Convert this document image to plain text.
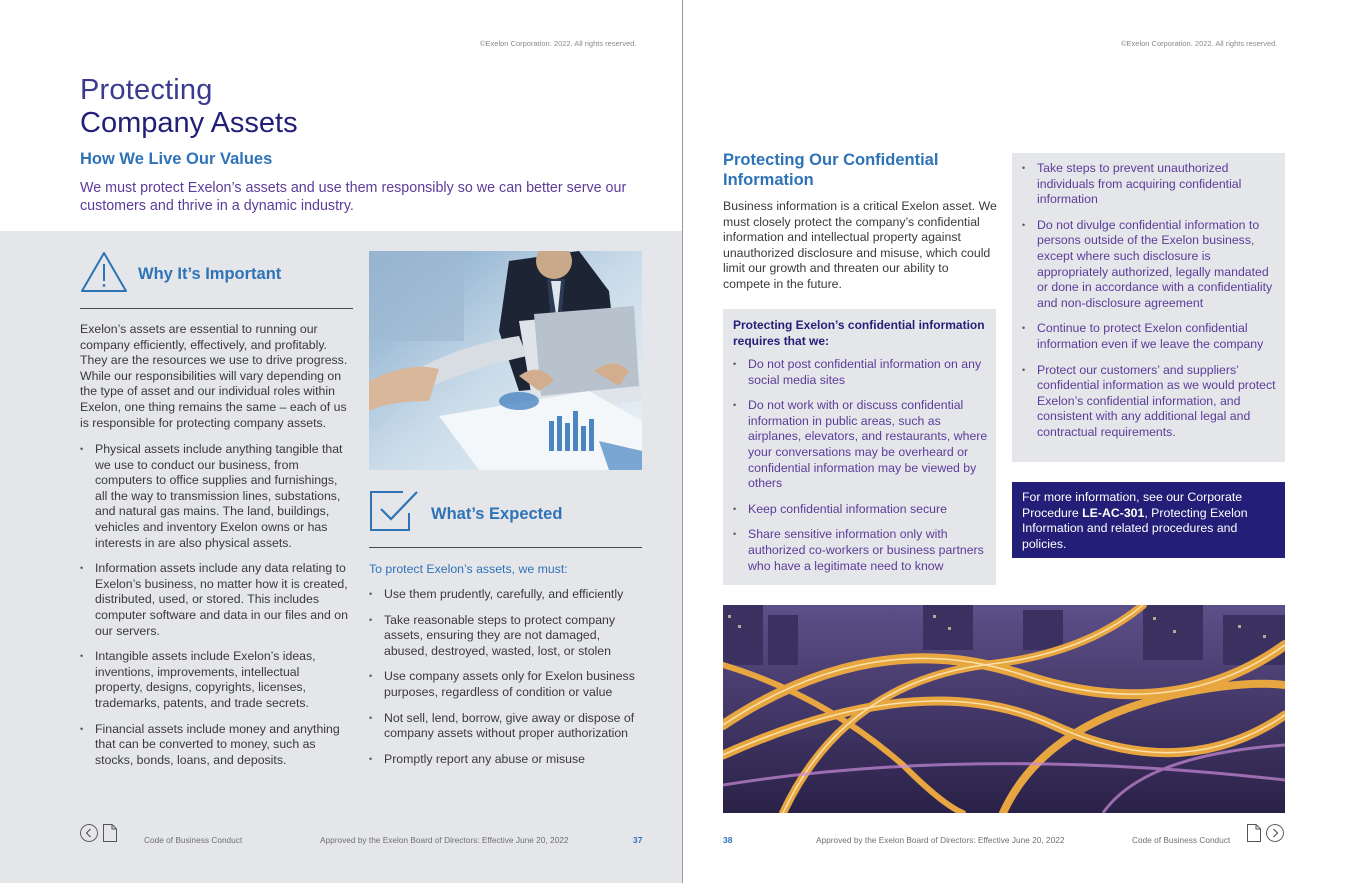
©Exelon Corporation. 2022. All rights reserved.
Protecting
Company Assets
How We Live Our Values
We must protect Exelon’s assets and use them responsibly so we can better serve our customers and thrive in a dynamic industry.
Why It’s Important
Exelon’s assets are essential to running our company efficiently, effectively, and profitably. They are the resources we use to drive progress. While our responsibilities will vary depending on the type of asset and our individual roles within Exelon, one thing remains the same – each of us is responsible for protecting company assets.
• Physical assets include anything tangible that we use to conduct our business, from computers to office supplies and furnishings, all the way to transmission lines, substations, and natural gas mains. The land, buildings, vehicles and inventory Exelon owns or has interests in are also physical assets.
• Information assets include any data relating to Exelon’s business, no matter how it is created, distributed, used, or stored. This includes computer software and data in our files and on our servers.
• Intangible assets include Exelon’s ideas, inventions, improvements, intellectual property, designs, copyrights, licenses, trademarks, patents, and trade secrets.
• Financial assets include money and anything that can be converted to money, such as stocks, bonds, loans, and deposits.
What’s Expected
To protect Exelon’s assets, we must:
• Use them prudently, carefully, and efficiently
• Take reasonable steps to protect company assets, ensuring they are not damaged, abused, destroyed, wasted, lost, or stolen
• Use company assets only for Exelon business purposes, regardless of condition or value
• Not sell, lend, borrow, give away or dispose of company assets without proper authorization
• Promptly report any abuse or misuse
Code of Business Conduct	Approved by the Exelon Board of Directors: Effective June 20, 2022	37
©Exelon Corporation. 2022. All rights reserved.
Protecting Our Confidential Information
Business information is a critical Exelon asset. We must closely protect the company’s confidential information and intellectual property against unauthorized disclosure and misuse, which could limit our growth and threaten our ability to compete in the future.
Protecting Exelon’s confidential information requires that we:
• Do not post confidential information on any social media sites
• Do not work with or discuss confidential information in public areas, such as airplanes, elevators, and restaurants, where your conversations may be overheard or confidential information may be viewed by others
• Keep confidential information secure
• Share sensitive information only with authorized co-workers or business partners who have a legitimate need to know
• Take steps to prevent unauthorized individuals from acquiring confidential information
• Do not divulge confidential information to persons outside of the Exelon business, except where such disclosure is appropriately authorized, legally mandated or done in accordance with a confidentiality and non-disclosure agreement
• Continue to protect Exelon confidential information even if we leave the company
• Protect our customers’ and suppliers’ confidential information as we would protect Exelon’s confidential information, and consistent with any additional legal and contractual requirements.
For more information, see our Corporate Procedure LE-AC-301, Protecting Exelon Information and related procedures and policies.
38	Approved by the Exelon Board of Directors: Effective June 20, 2022	Code of Business Conduct
